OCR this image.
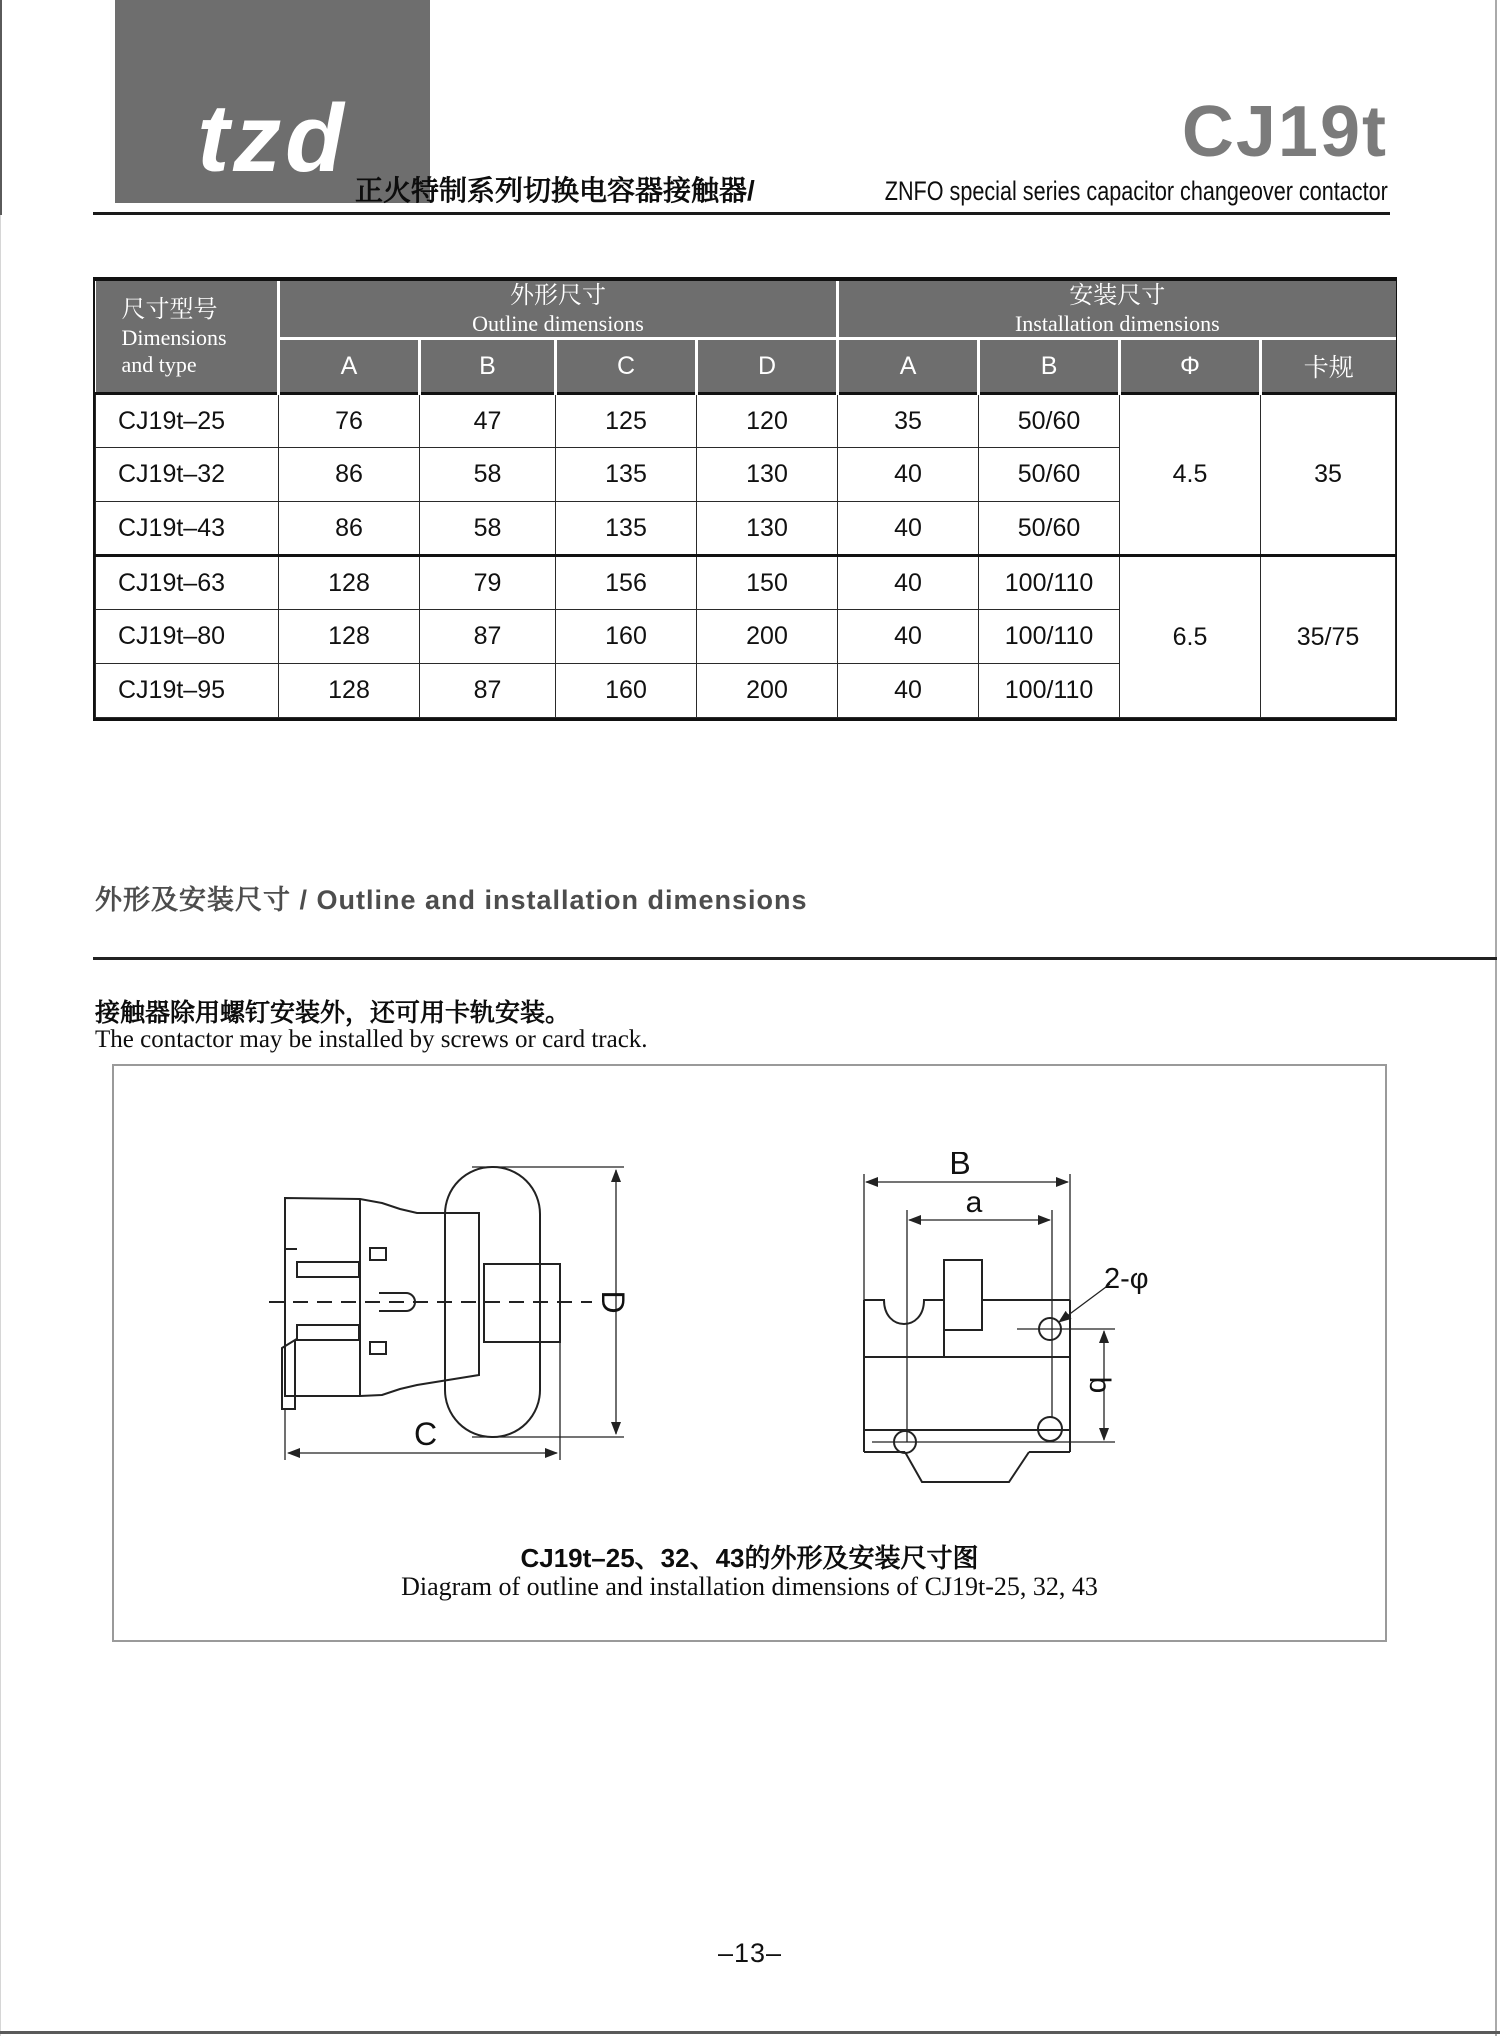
tzd	CJ19t
正火特制系列切换电容器接触器/	ZNFO special series capacitor changeover contactor
尺寸型号
Dimensions
and type

外形尺寸
Outline dimensions

安装尺寸
Installation dimensions

	A	B	C	D	A	B	Φ	卡规
CJ19t–25	76	47	125	120	35	50/60	4.5	35
CJ19t–32	86	58	135	130	40	50/60		
CJ19t–43	86	58	135	130	40	50/60		
CJ19t–63	128	79	156	150	40	100/110	6.5	35/75
CJ19t–80	128	87	160	200	40	100/110		
CJ19t–95	128	87	160	200	40	100/110		
外形及安装尺寸 / Outline and installation dimensions
接触器除用螺钉安装外，还可用卡轨安装。
The contactor may be installed by screws or card track.
C
D
B
a
b
2-φ
CJ19t–25、32、43的外形及安装尺寸图
Diagram of outline and installation dimensions of CJ19t-25, 32, 43
–13–
